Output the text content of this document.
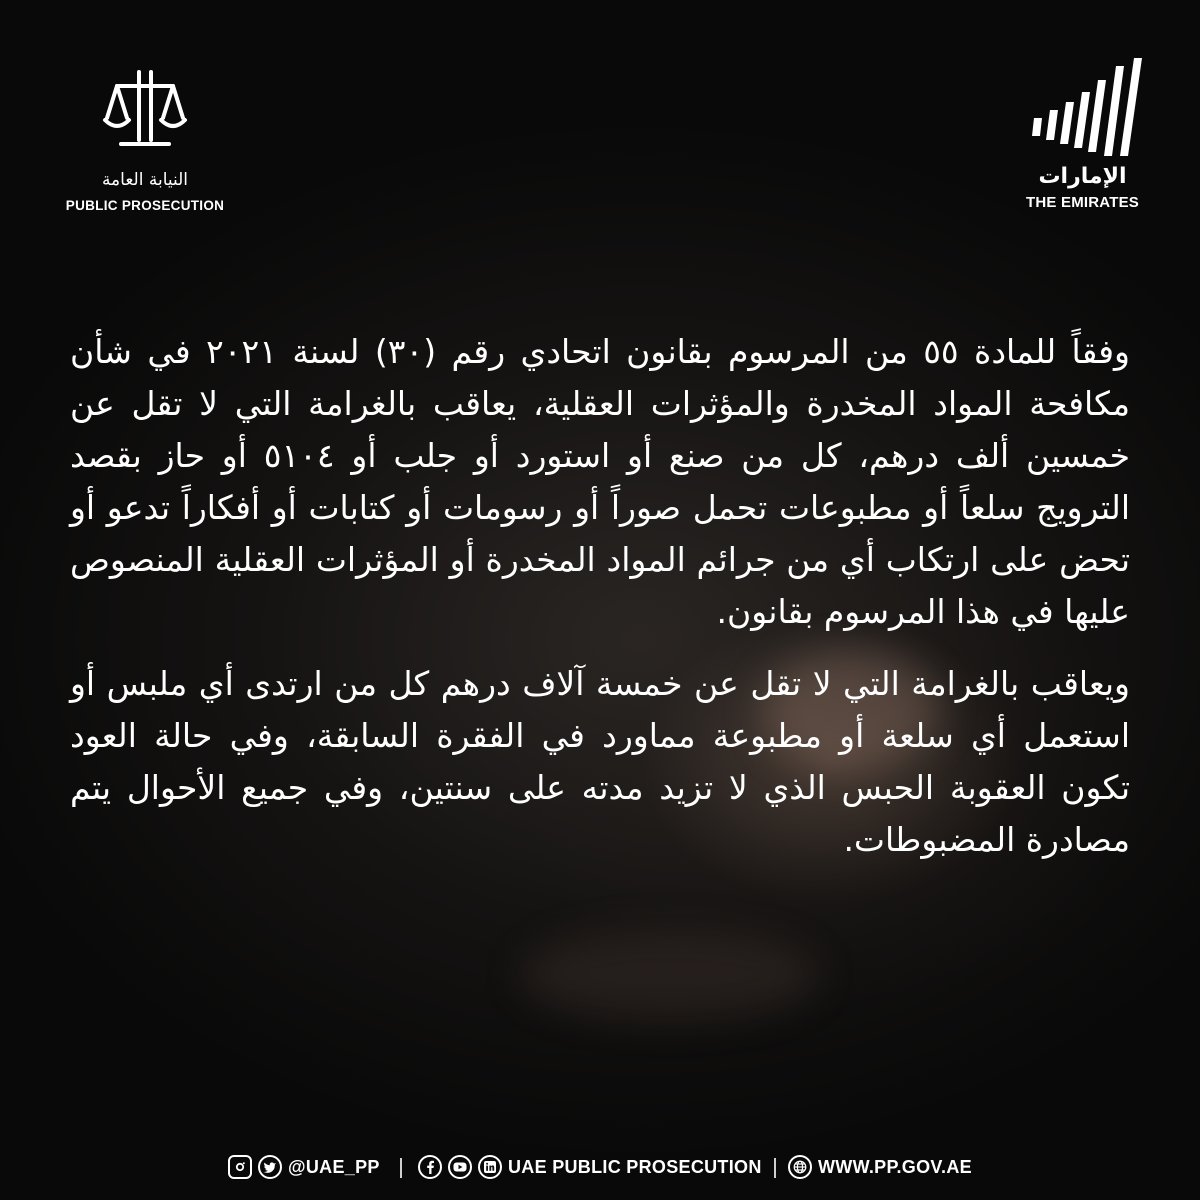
النيابة العامة
PUBLIC PROSECUTION
الإمارات
THE EMIRATES

وفقاً للمادة ٥٥ من المرسوم بقانون اتحادي رقم (٣٠) لسنة ٢٠٢١ في شأن مكافحة المواد المخدرة والمؤثرات العقلية، يعاقب بالغرامة التي لا تقل عن خمسين ألف درهم، كل من صنع أو استورد أو جلب أو ٥١٠٤ أو حاز بقصد الترويج سلعاً أو مطبوعات تحمل صوراً أو رسومات أو كتابات أو أفكاراً تدعو أو تحض على ارتكاب أي من جرائم المواد المخدرة أو المؤثرات العقلية المنصوص عليها في هذا المرسوم بقانون.

ويعاقب بالغرامة التي لا تقل عن خمسة آلاف درهم كل من ارتدى أي ملبس أو استعمل أي سلعة أو مطبوعة مماورد في الفقرة السابقة، وفي حالة العود تكون العقوبة الحبس الذي لا تزيد مدته على سنتين، وفي جميع الأحوال يتم مصادرة المضبوطات.

@UAE_PP	UAE PUBLIC PROSECUTION	WWW.PP.GOV.AE
